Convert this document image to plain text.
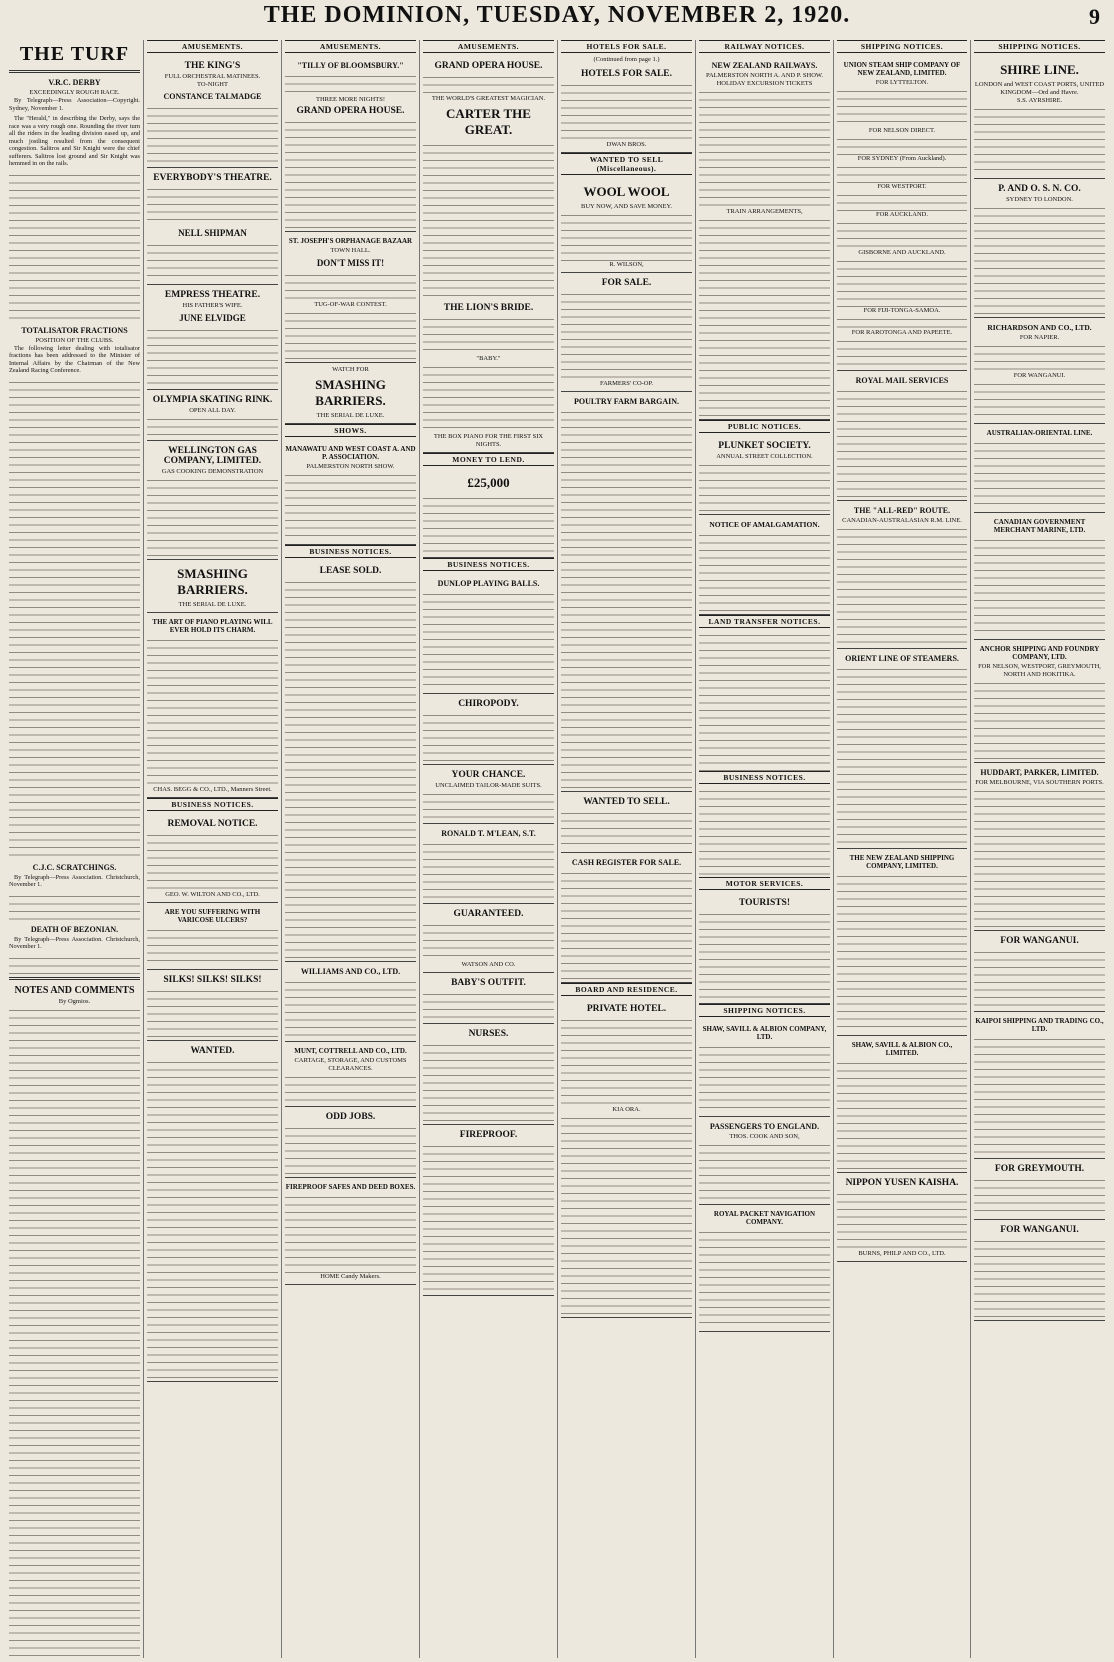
THE DOMINION, TUESDAY, NOVEMBER 2, 1920.	9
THE TURF
V.R.C. DERBY
EXCEEDINGLY ROUGH RACE.
By Telegraph—Press Association—Copyright. Sydney, November 1.
The "Herald," in describing the Derby, says the race was a very rough one. Rounding the river turn all the riders in the leading division eased up, and much jostling resulted from the consequent congestion. Salitros and Sir Knight were the chief sufferers. Salitros lost ground and Sir Knight was hemmed in on the rails.
TOTALISATOR FRACTIONS
POSITION OF THE CLUBS.
The following letter dealing with totalisator fractions has been addressed to the Minister of Internal Affairs by the Chairman of the New Zealand Racing Conference.
C.J.C. SCRATCHINGS.
By Telegraph—Press Association. Christchurch, November 1.
DEATH OF BEZONIAN.
By Telegraph—Press Association. Christchurch, November 1.
NOTES AND COMMENTS
By Ogmios.
AMUSEMENTS.
THE KING'S
FULL ORCHESTRAL MATINEES.
TO-NIGHT
CONSTANCE TALMADGE
EVERYBODY'S THEATRE.
NELL SHIPMAN
EMPRESS THEATRE.
HIS FATHER'S WIFE.
JUNE ELVIDGE
OLYMPIA SKATING RINK.
OPEN ALL DAY.
WELLINGTON GAS COMPANY, LIMITED.
GAS COOKING DEMONSTRATION
SMASHING BARRIERS.
THE SERIAL DE LUXE.
THE ART OF PIANO PLAYING WILL EVER HOLD ITS CHARM.
CHAS. BEGG & CO., LTD., Manners Street.
BUSINESS NOTICES.
REMOVAL NOTICE.
GEO. W. WILTON AND CO., LTD.
ARE YOU SUFFERING WITH VARICOSE ULCERS?
SILKS! SILKS! SILKS!
WANTED.
AMUSEMENTS.
"TILLY OF BLOOMSBURY."
THREE MORE NIGHTS!
GRAND OPERA HOUSE.
ST. JOSEPH'S ORPHANAGE BAZAAR
TOWN HALL.
DON'T MISS IT!
TUG-OF-WAR CONTEST.
WATCH FOR
SMASHING BARRIERS.
THE SERIAL DE LUXE.
SHOWS.
MANAWATU AND WEST COAST A. AND P. ASSOCIATION.
PALMERSTON NORTH SHOW.
BUSINESS NOTICES.
LEASE SOLD.
WILLIAMS AND CO., LTD.
MUNT, COTTRELL AND CO., LTD.
CARTAGE, STORAGE, AND CUSTOMS CLEARANCES.
ODD JOBS.
FIREPROOF SAFES AND DEED BOXES.
HOME Candy Makers.
AMUSEMENTS.
GRAND OPERA HOUSE.
THE WORLD'S GREATEST MAGICIAN.
CARTER THE GREAT.
THE LION'S BRIDE.
"BABY."
THE BOX PIANO FOR THE FIRST SIX NIGHTS.
MONEY TO LEND.
£25,000
BUSINESS NOTICES.
DUNLOP PLAYING BALLS.
CHIROPODY.
YOUR CHANCE.
UNCLAIMED TAILOR-MADE SUITS.
RONALD T. M'LEAN, S.T.
GUARANTEED.
WATSON AND CO.
BABY'S OUTFIT.
NURSES.
FIREPROOF.
HOTELS FOR SALE.
(Continued from page 1.)
HOTELS FOR SALE.
DWAN BROS.
WANTED TO SELL (Miscellaneous).
WOOL WOOL
BUY NOW, AND SAVE MONEY.
R. WILSON,
FOR SALE.
FARMERS' CO-OP.
POULTRY FARM BARGAIN.
WANTED TO SELL.
CASH REGISTER FOR SALE.
BOARD AND RESIDENCE.
PRIVATE HOTEL.
KIA ORA.
RAILWAY NOTICES.
NEW ZEALAND RAILWAYS.
PALMERSTON NORTH A. AND P. SHOW.
HOLIDAY EXCURSION TICKETS
TRAIN ARRANGEMENTS,
PUBLIC NOTICES.
PLUNKET SOCIETY.
ANNUAL STREET COLLECTION.
NOTICE OF AMALGAMATION.
LAND TRANSFER NOTICES.
BUSINESS NOTICES.
MOTOR SERVICES.
TOURISTS!
SHIPPING NOTICES.
SHAW, SAVILL & ALBION COMPANY, LTD.
PASSENGERS TO ENGLAND.
THOS. COOK AND SON,
ROYAL PACKET NAVIGATION COMPANY.
SHIPPING NOTICES.
UNION STEAM SHIP COMPANY OF NEW ZEALAND, LIMITED.
FOR LYTTELTON.
FOR NELSON DIRECT.
FOR SYDNEY (From Auckland).
FOR WESTPORT.
FOR AUCKLAND.
GISBORNE AND AUCKLAND.
FOR FIJI-TONGA-SAMOA.
FOR RAROTONGA AND PAPEETE.
ROYAL MAIL SERVICES
THE "ALL-RED" ROUTE.
CANADIAN-AUSTRALASIAN R.M. LINE.
ORIENT LINE OF STEAMERS.
THE NEW ZEALAND SHIPPING COMPANY, LIMITED.
SHAW, SAVILL & ALBION CO., LIMITED.
NIPPON YUSEN KAISHA.
BURNS, PHILP AND CO., LTD.
SHIPPING NOTICES.
SHIRE LINE.
LONDON and WEST COAST PORTS, UNITED KINGDOM—Ord and Havre.
S.S. AYRSHIRE.
P. AND O. S. N. CO.
SYDNEY TO LONDON.
RICHARDSON AND CO., LTD.
FOR NAPIER.
FOR WANGANUI.
AUSTRALIAN-ORIENTAL LINE.
CANADIAN GOVERNMENT MERCHANT MARINE, LTD.
ANCHOR SHIPPING AND FOUNDRY COMPANY, LTD.
FOR NELSON, WESTPORT, GREYMOUTH, NORTH AND HOKITIKA.
HUDDART, PARKER, LIMITED.
FOR MELBOURNE, VIA SOUTHERN PORTS.
FOR WANGANUI.
KAIPOI SHIPPING AND TRADING CO., LTD.
FOR GREYMOUTH.
FOR WANGANUI.
